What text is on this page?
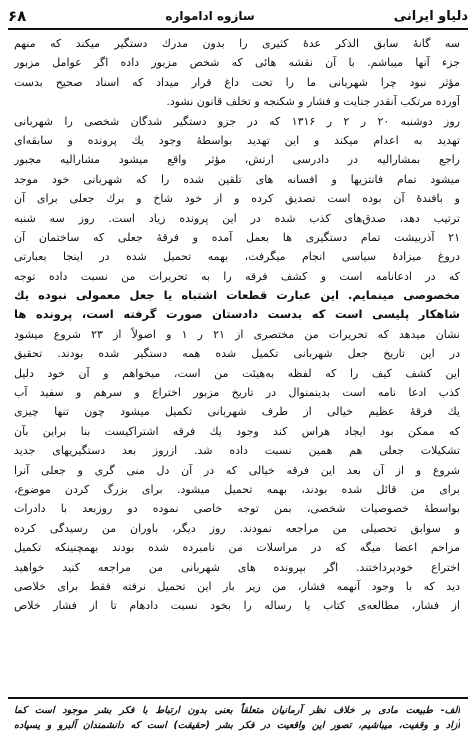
۶۸	سازوه ادامواره	دلیاو ایرانی
سه گانهٔ سابق الذکر عدهٔ کثیری را بدون مدرك دستگیر میکند که منهم
جزء آنها میباشم. با آن نقشه هائی که شخص مزبور داده اگر عوامل مزبور
مؤثر نبود چرا شهربانی ما را تحت داغ قرار میداد که اسناد صحیح بدست
آورده مرتکب آنقدر جنایت و فشار و شکنجه و تخلف قانون نشود.
روز دوشنبه ۲۰ ر ۲ ر ۱۳۱۶ که در جزو دستگیر شدگان شخصی را شهربانی
تهدید به اعدام میکند و این تهدید بواسطهٔ وجود یك پرونده و سابقه‌ای
راجع بمشارالیه در دادرسی ارتش، مؤثر واقع میشود مشارالیه مجبور
میشود تمام فانتزیها و افسانه های تلقین شده را که شهربانی خود موجد
و بافندهٔ آن بوده است تصدیق کرده و از خود شاخ و برك جعلی برای آن
ترتیب دهد، صدق‌های کذب شده در این پرونده زیاد است. روز سه شنبه
۲۱ آذربیشت تمام دستگیری ها بعمل آمده و فرقهٔ جعلی که ساختمان آن
دروغ میزادهٔ سیاسی انجام میگرفت، بهمه تحمیل شده در اینجا بعبارتی
که در ادعانامه است و کشف فرقه را به تحریرات من نسبت داده توجه
مخصوصی مینمایم. این عبارت قطعات اشتباه یا جعل معمولی نبوده یك
شاهکار پلیسی است که بدست دادستان صورت گرفته است، پرونده ها
نشان میدهد که تحریرات من مختصری از ۲۱ ر ۱ و اصولاً از ۲۳ شروع میشود
در این تاریخ جعل شهربانی تکمیل شده همه دستگیر شده بودند. تحقیق
این کشف کیف را که لفظه به‌هیئت من است، میخواهم و آن خود دلیل
کذب ادعا نامه است بدینمنوال در تاریخ مزبور اختراع و سرهم و سفید آب
یك فرقهٔ عظیم خیالی از طرف شهربانی تکمیل میشود چون تنها چیزی
که ممکن بود ایجاد هراس کند وجود یك فرقه اشتراکیست بنا براین بآن
تشکیلات جعلی هم همین نسبت داده شد. ازروز بعد دستگیریهای جدید
شروع و از آن بعد این فرقه خیالی که در آن دل منی گری و جعلی آنرا
برای من قائل شده بودند، بهمه تحمیل میشود. برای بزرگ کردن موضوع،
بواسطهٔ خصوصیات شخصی، بمن توجه خاصی نموده دو روزبعد با دادرات
و سوابق تحصیلی من مراجعه نمودند. روز دیگر، باوران من رسیدگی کرده
مزاحم اعضا میگه که در مراسلات من نامبرده شده بودند بهمچنینکه تکمیل
اختراع خودپرداختند. اگر بپرونده های شهربانی من مراجعه کنید خواهید
دید که با وجود آنهمه فشار، من زیر بار این تحمیل نرفته فقط برای خلاصی
از فشار، مطالعه‌ی کتاب یا رساله را بخود نسبت دادهام تا از فشار خلاص
الف- طبیعت مادی بر خلاف نظر آرمانیان متعلقاً بعنی بدون ارتباط با فکر بشر موجود است کما
آزاد و وقفیت، میباشیم، تصور این واقعیت در فکر بشر (حقیقت) است که دانشمندان آلبرو و یسپاده
